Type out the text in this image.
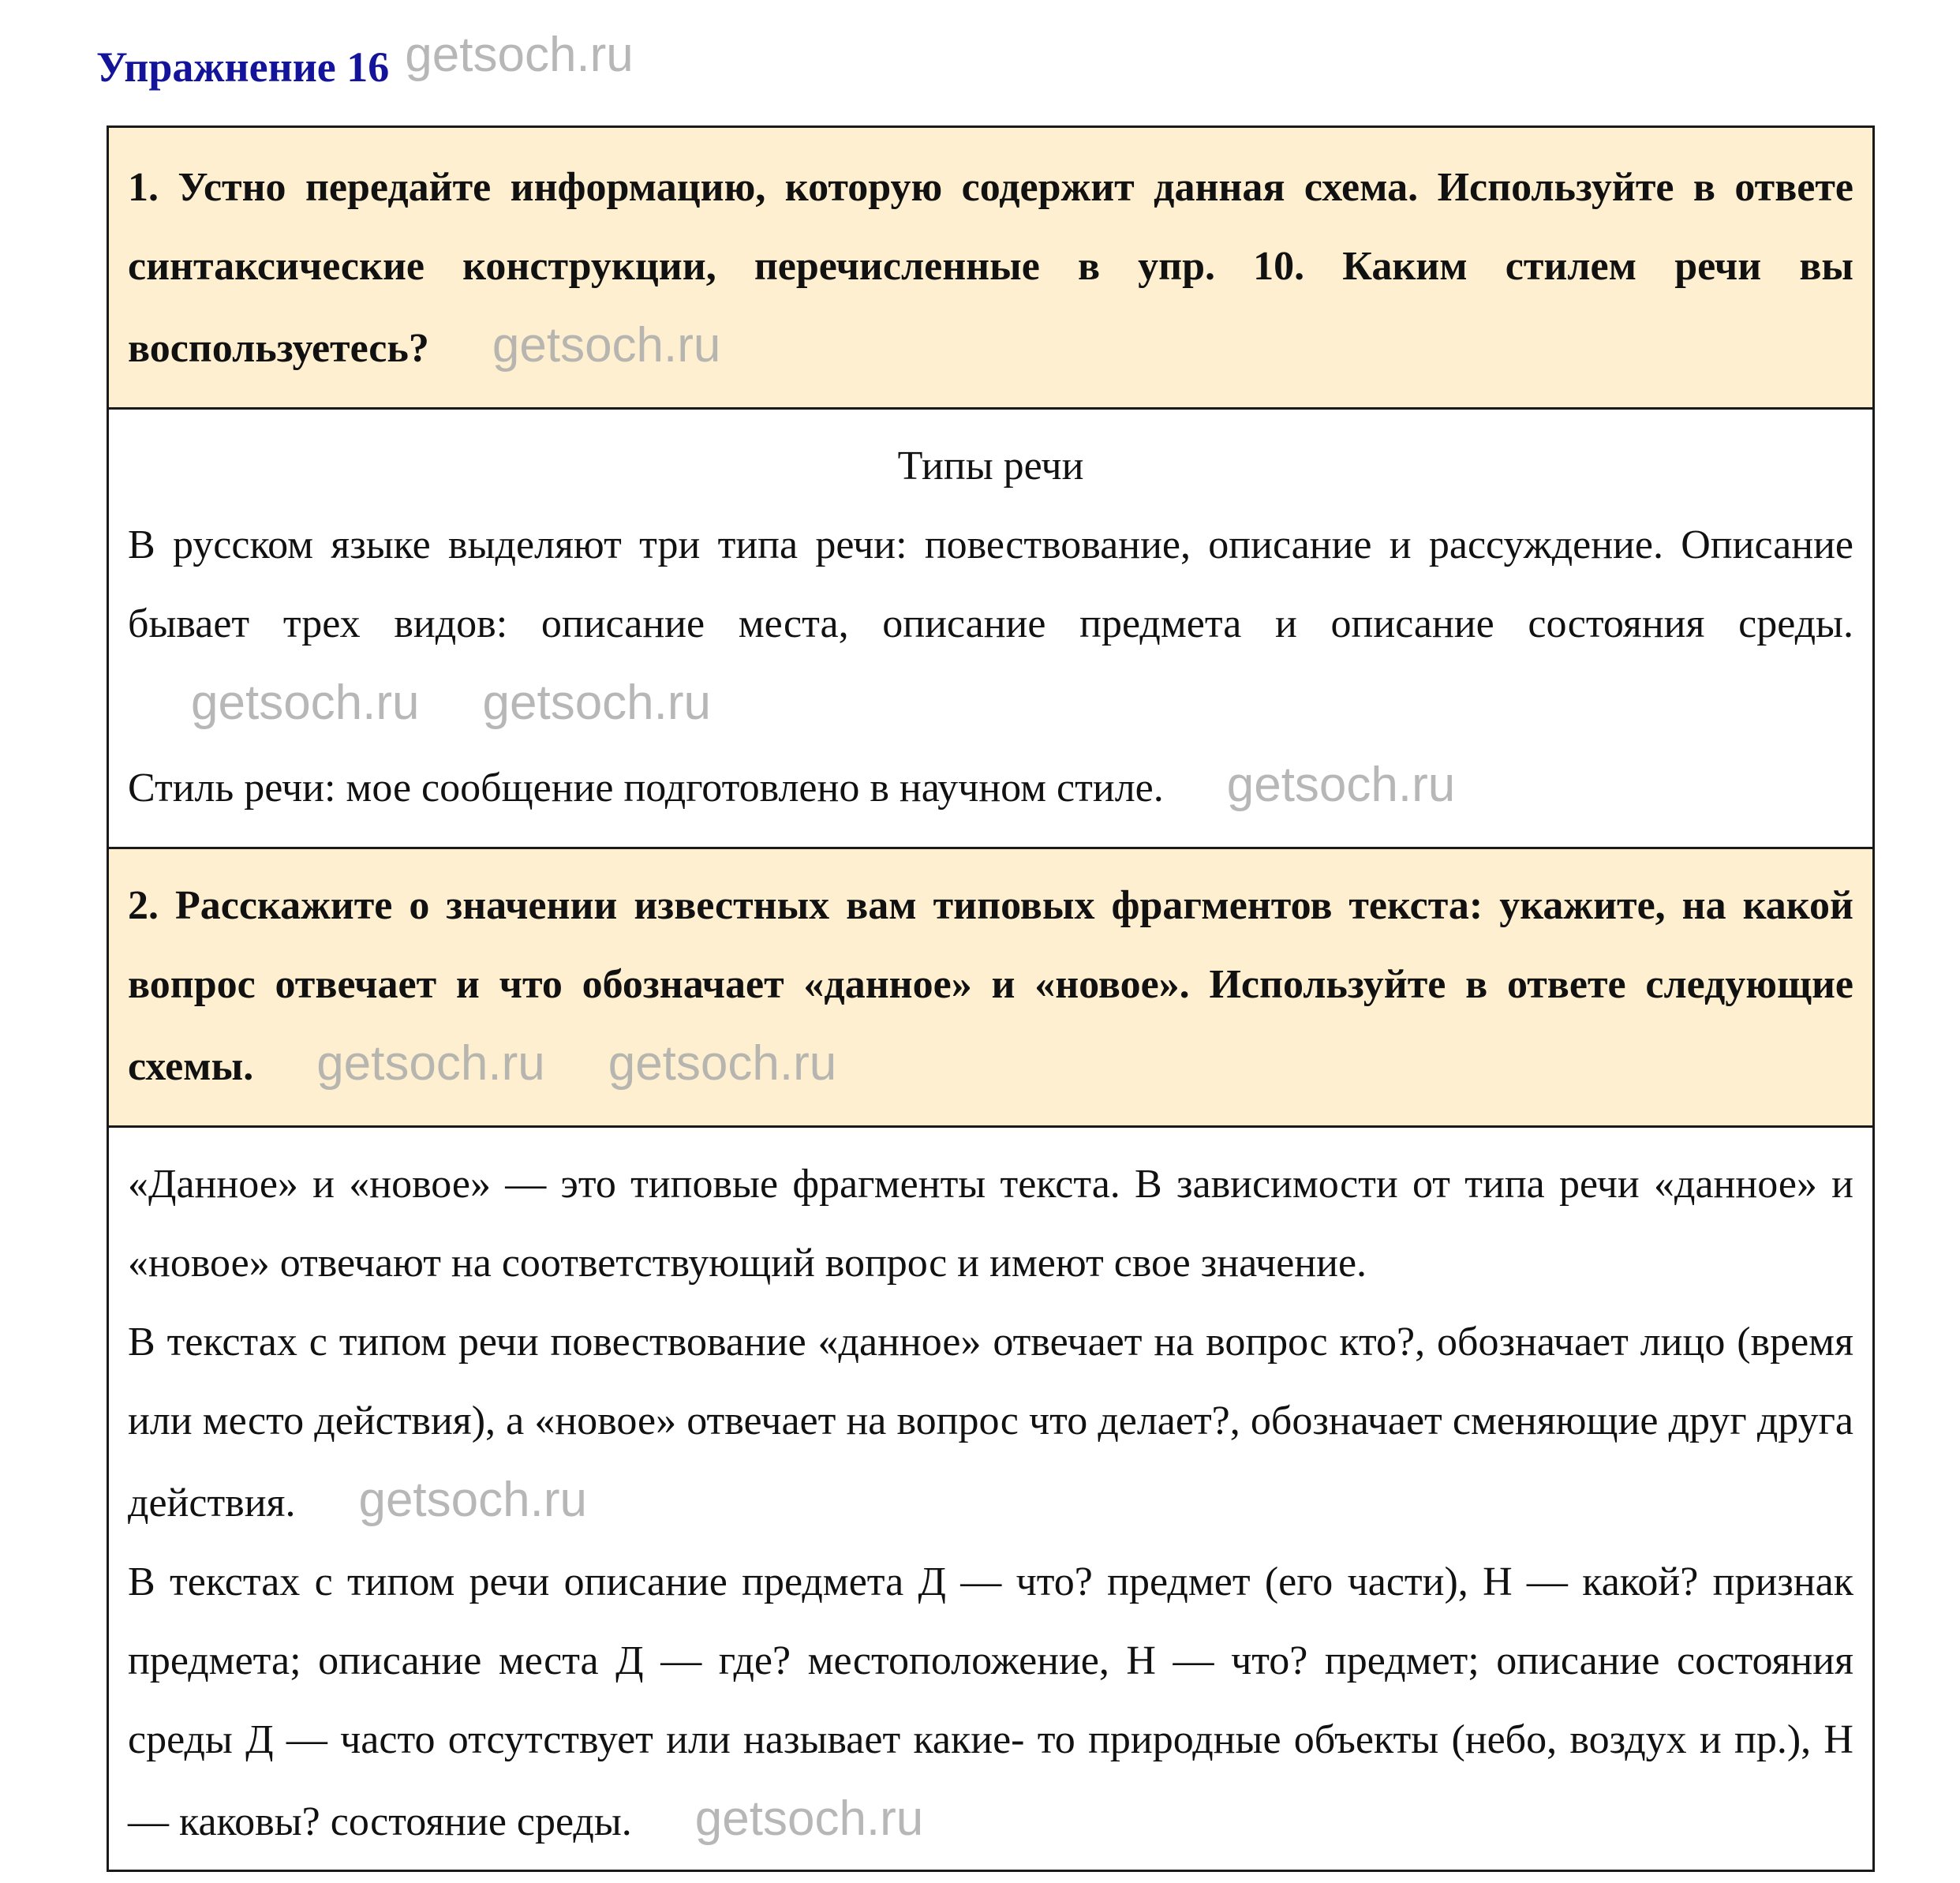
Упражнение 16 getsoch.ru
1. Устно передайте информацию, которую содержит данная схема. Используйте в ответе синтаксические конструкции, перечисленные в упр. 10. Каким стилем речи вы воспользуетесь? getsoch.ru

Типы речи

В русском языке выделяют три типа речи: повествование, описание и рассуждение. Описание бывает трех видов: описание места, описание предмета и описание состояния среды.getsoch.ru getsoch.ru

Стиль речи: мое сообщение подготовлено в научном стиле. getsoch.ru

2. Расскажите о значении известных вам типовых фрагментов текста: укажите, на какой вопрос отвечает и что обозначает «данное» и «новое». Используйте в ответе следующие схемы. getsoch.ru getsoch.ru

«Данное» и «новое» — это типовые фрагменты текста. В зависимости от типа речи «данное» и «новое» отвечают на соответствующий вопрос и имеют свое значение.

В текстах с типом речи повествование «данное» отвечает на вопрос кто?, обозначает лицо (время или место действия), а «новое» отвечает на вопрос что делает?, обозначает сменяющие друг друга действия. getsoch.ru

В текстах с типом речи описание предмета Д — что? предмет (его части), Н — какой? признак предмета; описание места Д — где? местоположение, Н — что? предмет; описание состояния среды Д — часто отсутствует или называет какие- то природные объекты (небо, воздух и пр.), Н — каковы? состояние среды. getsoch.ru
